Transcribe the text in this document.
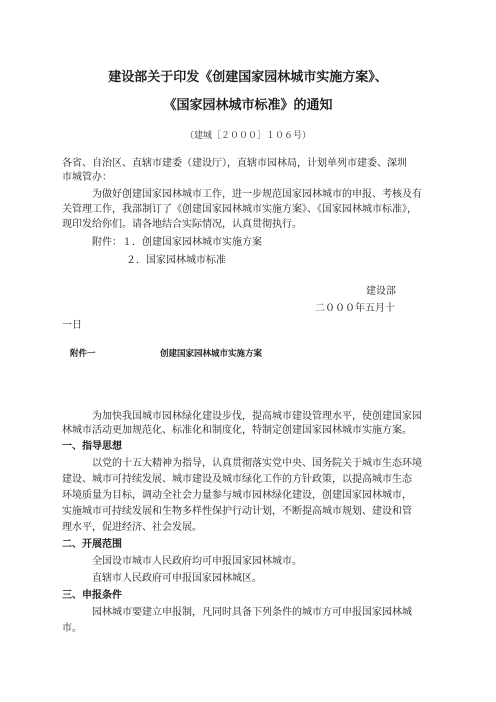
建设部关于印发《创建国家园林城市实施方案》、
《国家园林城市标准》的通知
（建城［２０００］１０６号）
各省、自治区、直辖市建委（建设厅），直辖市园林局，计划单列市建委、深圳
市城管办：
为做好创建国家园林城市工作，进一步规范国家园林城市的申报、考核及有
关管理工作，我部制订了《创建国家园林城市实施方案》、《国家园林城市标准》，
现印发给你们。请各地结合实际情况，认真贯彻执行。
附件：１．创建国家园林城市实施方案
２．国家园林城市标准
建设部
二０００年五月十
一日
附件一	创建国家园林城市实施方案
为加快我国城市园林绿化建设步伐，提高城市建设管理水平，使创建国家园
林城市活动更加规范化、标准化和制度化，特制定创建国家园林城市实施方案。
一、指导思想
以党的十五大精神为指导，认真贯彻落实党中央、国务院关于城市生态环境
建设、城市可持续发展、城市建设及城市绿化工作的方针政策，以提高城市生态
环境质量为目标，调动全社会力量参与城市园林绿化建设，创建国家园林城市，
实施城市可持续发展和生物多样性保护行动计划，不断提高城市规划、建设和管
理水平，促进经济、社会发展。
二、开展范围
全国设市城市人民政府均可申报国家园林城市。
直辖市人民政府可申报国家园林城区。
三、申报条件
园林城市要建立申报制，凡同时具备下列条件的城市方可申报国家园林城
市。
